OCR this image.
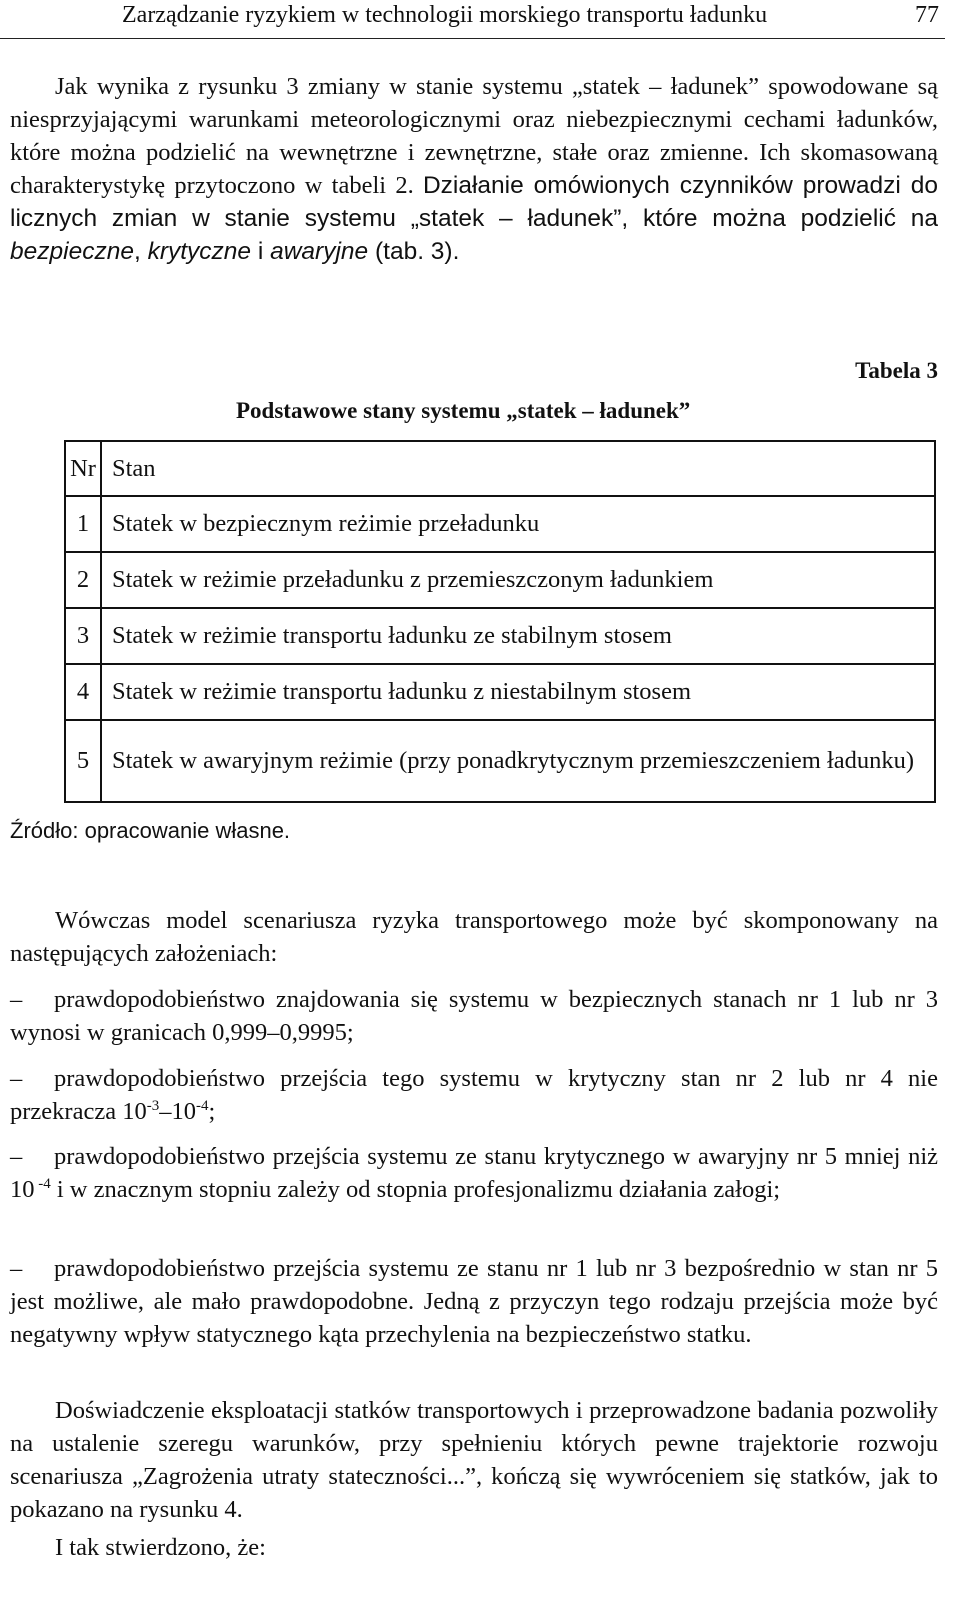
Zarządzanie ryzykiem w technologii morskiego transportu ładunku	77

Jak wynika z rysunku 3 zmiany w stanie systemu „statek – ładunek” spowodowane są niesprzyjającymi warunkami meteorologicznymi oraz niebezpiecznymi cechami ładunków, które można podzielić na wewnętrzne i zewnętrzne, stałe oraz zmienne. Ich skomasowaną charakterystykę przytoczono w tabeli 2. Działanie omówionych czynników prowadzi do licznych zmian w stanie systemu „statek – ładunek”, które można podzielić na bezpieczne, krytyczne i awaryjne (tab. 3).

Tabela 3
Podstawowe stany systemu „statek – ładunek”
Nr	Stan
1	Statek w bezpiecznym reżimie przeładunku
2	Statek w reżimie przeładunku z przemieszczonym ładunkiem
3	Statek w reżimie transportu ładunku ze stabilnym stosem
4	Statek w reżimie transportu ładunku z niestabilnym stosem
5	Statek w awaryjnym reżimie (przy ponadkrytycznym przemieszczeniem ładunku)
Źródło: opracowanie własne.

Wówczas model scenariusza ryzyka transportowego może być skomponowany na następujących założeniach:

– prawdopodobieństwo znajdowania się systemu w bezpiecznych stanach nr 1 lub nr 3 wynosi w granicach 0,999–0,9995;

– prawdopodobieństwo przejścia tego systemu w krytyczny stan nr 2 lub nr 4 nie przekracza $10^{-3}-10^{-4}$;

– prawdopodobieństwo przejścia systemu ze stanu krytycznego w awaryjny nr 5 mniej niż 10 $^{-4}$ i w znacznym stopniu zależy od stopnia profesjonalizmu działania załogi;

– prawdopodobieństwo przejścia systemu ze stanu nr 1 lub nr 3 bezpośrednio w stan nr 5 jest możliwe, ale mało prawdopodobne. Jedną z przyczyn tego rodzaju przejścia może być negatywny wpływ statycznego kąta przechylenia na bezpieczeństwo statku.

Doświadczenie eksploatacji statków transportowych i przeprowadzone badania pozwoliły na ustalenie szeregu warunków, przy spełnieniu których pewne trajektorie rozwoju scenariusza „Zagrożenia utraty stateczności...”, kończą się wywróceniem się statków, jak to pokazano na rysunku 4.

I tak stwierdzono, że:
